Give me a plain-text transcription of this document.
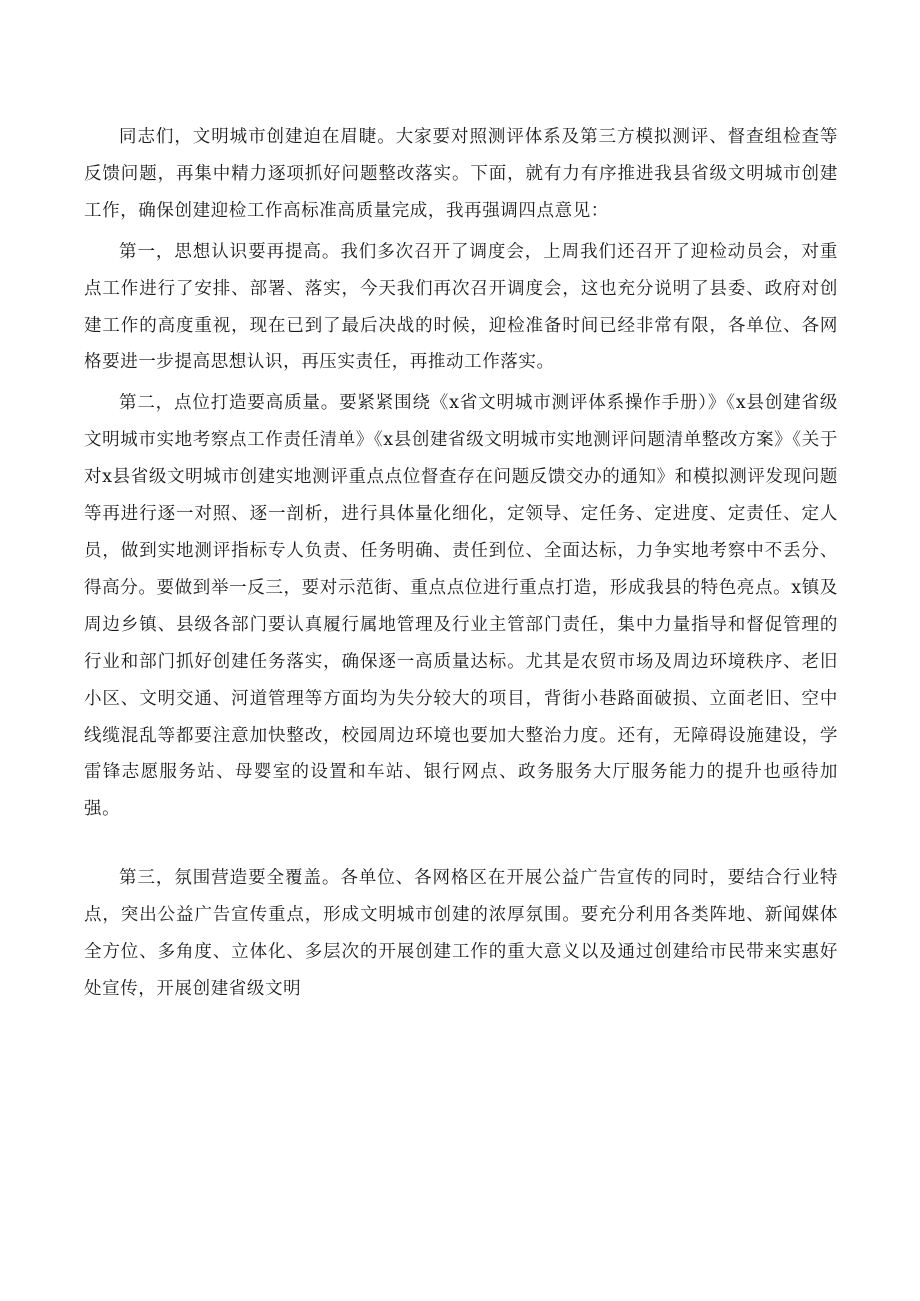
同志们，文明城市创建迫在眉睫。大家要对照测评体系及第三方模拟测评、督查组检查等反馈问题，再集中精力逐项抓好问题整改落实。下面，就有力有序推进我县省级文明城市创建工作，确保创建迎检工作高标准高质量完成，我再强调四点意见：

第一，思想认识要再提高。我们多次召开了调度会，上周我们还召开了迎检动员会，对重点工作进行了安排、部署、落实，今天我们再次召开调度会，这也充分说明了县委、政府对创建工作的高度重视，现在已到了最后决战的时候，迎检准备时间已经非常有限，各单位、各网格要进一步提高思想认识，再压实责任，再推动工作落实。

第二，点位打造要高质量。要紧紧围绕《x省文明城市测评体系操作手册）》《x县创建省级文明城市实地考察点工作责任清单》《x县创建省级文明城市实地测评问题清单整改方案》《关于对x县省级文明城市创建实地测评重点点位督查存在问题反馈交办的通知》和模拟测评发现问题等再进行逐一对照、逐一剖析，进行具体量化细化，定领导、定任务、定进度、定责任、定人员，做到实地测评指标专人负责、任务明确、责任到位、全面达标，力争实地考察中不丢分、得高分。要做到举一反三，要对示范街、重点点位进行重点打造，形成我县的特色亮点。x镇及周边乡镇、县级各部门要认真履行属地管理及行业主管部门责任，集中力量指导和督促管理的行业和部门抓好创建任务落实，确保逐一高质量达标。尤其是农贸市场及周边环境秩序、老旧小区、文明交通、河道管理等方面均为失分较大的项目，背街小巷路面破损、立面老旧、空中线缆混乱等都要注意加快整改，校园周边环境也要加大整治力度。还有，无障碍设施建设，学雷锋志愿服务站、母婴室的设置和车站、银行网点、政务服务大厅服务能力的提升也亟待加强。

第三，氛围营造要全覆盖。各单位、各网格区在开展公益广告宣传的同时，要结合行业特点，突出公益广告宣传重点，形成文明城市创建的浓厚氛围。要充分利用各类阵地、新闻媒体全方位、多角度、立体化、多层次的开展创建工作的重大意义以及通过创建给市民带来实惠好处宣传，开展创建省级文明
